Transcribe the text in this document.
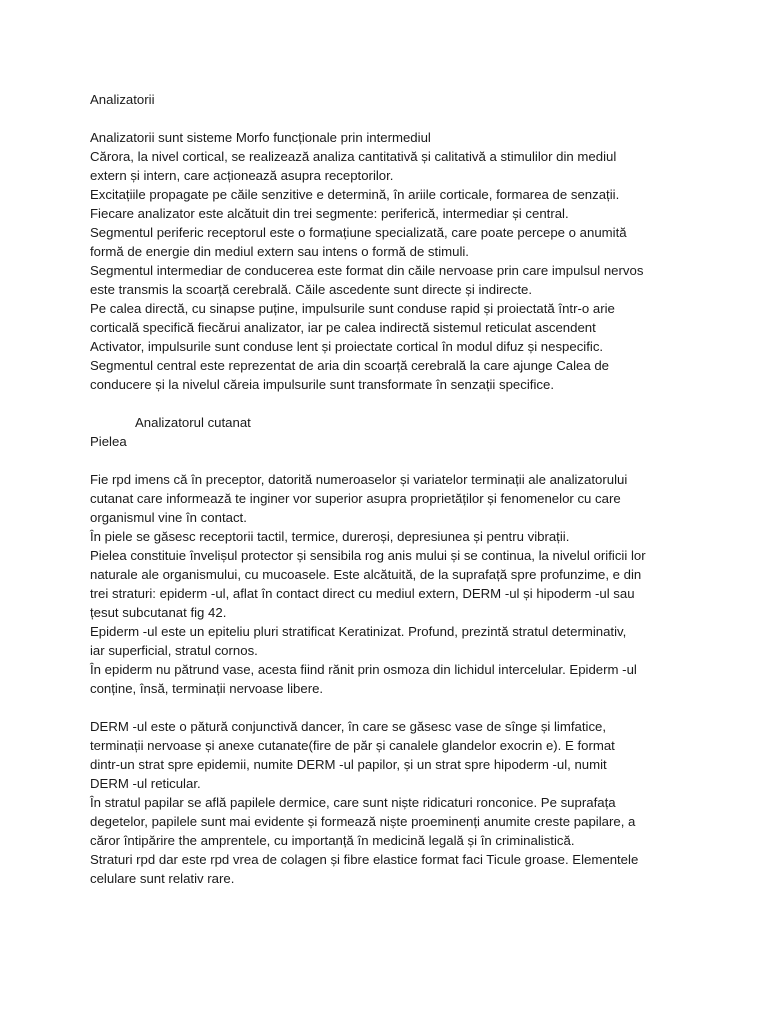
Analizatorii
Analizatorii sunt sisteme Morfo funcționale prin intermediul
Cărora, la nivel cortical, se realizează analiza cantitativă și calitativă a stimulilor din mediul
extern și intern, care acționează asupra receptorilor.
Excitațiile propagate pe căile senzitive e determină, în ariile corticale, formarea de senzații.
Fiecare analizator este alcătuit din trei segmente: periferică, intermediar și central.
Segmentul periferic receptorul este o formațiune specializată, care poate percepe o anumită
formă de energie din mediul extern sau intens o formă de stimuli.
Segmentul intermediar de conducerea este format din căile nervoase prin care impulsul nervos
este transmis la scoarță cerebrală. Căile ascedente sunt directe și indirecte.
Pe calea directă, cu sinapse puține, impulsurile sunt conduse rapid și proiectată într-o arie
corticală specifică fiecărui analizator, iar pe calea indirectă sistemul reticulat ascendent
Activator, impulsurile sunt conduse lent și proiectate cortical în modul difuz și nespecific.
Segmentul central este reprezentat de aria din scoarță cerebrală la care ajunge Calea de
conducere și la nivelul căreia impulsurile sunt transformate în senzații specifice.
Analizatorul cutanat
Pielea
Fie rpd imens că în preceptor, datorită numeroaselor și variatelor terminații ale analizatorului
cutanat care informează te inginer vor superior asupra proprietăților și fenomenelor cu care
organismul vine în contact.
În piele se găsesc receptorii tactil, termice, dureroși, depresiunea și pentru vibrații.
Pielea constituie învelișul protector și sensibila rog anis mului și se continua, la nivelul orificii lor
naturale ale organismului, cu mucoasele. Este alcătuită, de la suprafață spre profunzime, e din
trei straturi: epiderm -ul, aflat în contact direct cu mediul extern, DERM -ul și hipoderm -ul sau
țesut subcutanat fig 42.
Epiderm -ul este un epiteliu pluri stratificat Keratinizat. Profund, prezintă stratul determinativ,
iar superficial, stratul cornos.
În epiderm nu pătrund vase, acesta fiind rănit prin osmoza din lichidul intercelular. Epiderm -ul
conține, însă, terminații nervoase libere.
DERM -ul este o pătură conjunctivă dancer, în care se găsesc vase de sînge și limfatice,
terminații nervoase și anexe cutanate(fire de păr și canalele glandelor exocrin e). E format
dintr-un strat spre epidemii, numite DERM -ul papilor, și un strat spre hipoderm -ul, numit
DERM -ul reticular.
În stratul papilar se află papilele dermice, care sunt niște ridicaturi ronconice. Pe suprafața
degetelor, papilele sunt mai evidente și formează niște proeminenți anumite creste papilare, a
căror întipărire the amprentele, cu importanță în medicină legală și în criminalistică.
Straturi rpd dar este rpd vrea de colagen și fibre elastice format faci Ticule groase. Elementele
celulare sunt relativ rare.
